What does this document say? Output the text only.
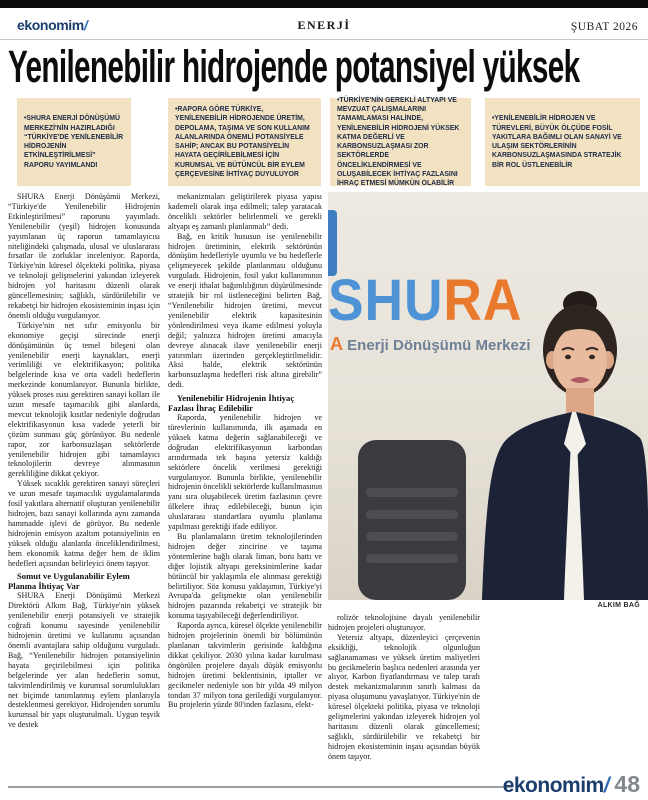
ekonomim/	ENERJİ	ŞUBAT 2026
Yenilenebilir hidrojende potansiyel yüksek
•SHURA ENERJİ DÖNÜŞÜMÜ MERKEZİ'NİN HAZIRLADIĞI “TÜRKİYE'DE YENİLENEBİLİR HİDROJENİN ETKİNLEŞTİRİLMESİ” RAPORU YAYIMLANDI
•RAPORA GÖRE TÜRKİYE, YENİLENEBİLİR HİDROJENDE ÜRETİM, DEPOLAMA, TAŞIMA VE SON KULLANIM ALANLARINDA ÖNEMLİ POTANSİYELE SAHİP; ANCAK BU POTANSİYELİN HAYATA GEÇİRİLEBİLMESİ İÇİN KURUMSAL VE BÜTÜNCÜL BİR EYLEM ÇERÇEVESİNE İHTİYAÇ DUYULUYOR
•TÜRKİYE'NİN GEREKLİ ALTYAPI VE MEVZUAT ÇALIŞMALARINI TAMAMLAMASI HALİNDE, YENİLENEBİLİR HİDROJENİ YÜKSEK KATMA DEĞERLİ VE KARBONSUZLAŞMASI ZOR SEKTÖRLERDE ÖNCELİKLENDİRMESİ VE OLUŞABİLECEK İHTİYAÇ FAZLASINI İHRAÇ ETMESİ MÜMKÜN OLABİLİR
•YENİLENEBİLİR HİDROJEN VE TÜREVLERİ, BÜYÜK ÖLÇÜDE FOSİL YAKITLARA BAĞIMLI OLAN SANAYİ VE ULAŞIM SEKTÖRLERİNİN KARBONSUZLAŞMASINDA STRATEJİK BİR ROL ÜSTLENEBİLİR

SHURA Enerji Dönüşümü Merkezi, “Türkiye'de Yenilenebilir Hidrojenin Etkinleştirilmesi” raporunu yayımladı. Yenilenebilir (yeşil) hidrojen konusunda yayımlanan üç raporun tamamlayıcısı niteliğindeki çalışmada, ulusal ve uluslararası fırsatlar ile zorluklar inceleniyor. Raporda, Türkiye'nin küresel ölçekteki politika, piyasa ve teknoloji gelişmelerini yakından izleyerek hidrojen yol haritasını düzenli olarak güncellemesinin; sağlıklı, sürdürülebilir ve rekabetçi bir hidrojen ekosisteminin inşası için önemli olduğu vurgulanıyor.

Türkiye'nin net sıfır emisyonlu bir ekonomiye geçişi sürecinde enerji dönüşümünün üç temel bileşeni olan yenilenebilir enerji kaynakları, enerji verimliliği ve elektrifikasyon; politika belgelerinde kısa ve orta vadeli hedeflerin merkezinde konumlanıyor. Bununla birlikte, yüksek proses ısısı gerektiren sanayi kolları ile uzun mesafe taşımacılık gibi alanlarda, mevcut teknolojik kısıtlar nedeniyle doğrudan elektrifikasyonun kısa vadede yeterli bir çözüm sunması güç görünüyor. Bu nedenle rapor, zor karbonsuzlaşan sektörlerde yenilenebilir hidrojen gibi tamamlayıcı teknolojilerin devreye alınmasının gerekliliğine dikkat çekiyor.

Yüksek sıcaklık gerektiren sanayi süreçleri ve uzun mesafe taşımacılık uygulamalarında fosil yakıtlara alternatif oluşturan yenilenebilir hidrojen, bazı sanayi kollarında aynı zamanda hammadde işlevi de görüyor. Bu nedenle hidrojenin emisyon azaltım potansiyelinin en yüksek olduğu alanlarda önceliklendirilmesi, hem ekonomik katma değer hem de iklim hedefleri açısından belirleyici önem taşıyor.

Somut ve Uygulanabilir Eylem Planına İhtiyaç Var

SHURA Enerji Dönüşümü Merkezi Direktörü Alkım Bağ, Türkiye'nin yüksek yenilenebilir enerji potansiyeli ve stratejik coğrafi konumu sayesinde yenilenebilir hidrojenin üretimi ve kullanımı açısından önemli avantajlara sahip olduğunu vurguladı. Bağ, “Yenilenebilir hidrojen potansiyelinin hayata geçirilebilmesi için politika belgelerinde yer alan hedeflerin somut, takvimlendirilmiş ve kurumsal sorumlulukları net biçimde tanımlanmış eylem planlarıyla desteklenmesi gerekiyor. Hidrojenden sorumlu kurumsal bir yapı oluşturulmalı. Uygun teşvik ve destek

mekanizmaları geliştirilerek piyasa yapısı kademeli olarak inşa edilmeli; talep yaratacak öncelikli sektörler belirlenmeli ve gerekli altyapı eş zamanlı planlanmalı” dedi.

Bağ, en kritik hususun ise yenilenebilir hidrojen üretiminin, elektrik sektörünün dönüşüm hedefleriyle uyumlu ve bu hedeflerle çelişmeyecek şekilde planlanması olduğunu vurguladı. Hidrojenin, fosil yakıt kullanımının ve enerji ithalat bağımlılığının düşürülmesinde stratejik bir rol üstleneceğini belirten Bağ, “Yenilenebilir hidrojen üretimi, mevcut yenilenebilir elektrik kapasitesinin yönlendirilmesi veya ikame edilmesi yoluyla değil; yalnızca hidrojen üretimi amacıyla devreye alınacak ilave yenilenebilir enerji yatırımları üzerinden gerçekleştirilmelidir. Aksi halde, elektrik sektörünün karbonsuzlaşma hedefleri risk altına girebilir” dedi.

Yenilenebilir Hidrojenin İhtiyaç Fazlası İhraç Edilebilir

Raporda, yenilenebilir hidrojen ve türevlerinin kullanımında, ilk aşamada en yüksek katma değerin sağlanabileceği ve doğrudan elektrifikasyonun karbondan arındırmada tek başına yetersiz kaldığı sektörlere öncelik verilmesi gerektiği vurgulanıyor. Bununla birlikte, yenilenebilir hidrojenin öncelikli sektörlerde kullanılmasının yanı sıra oluşabilecek üretim fazlasının çevre ülkelere ihraç edilebileceği, bunun için uluslararası standartlara uyumlu planlama yapılması gerektiği ifade ediliyor.

Bu planlamaların üretim teknolojilerinden hidrojen değer zincirine ve taşıma yöntemlerine bağlı olarak liman, boru hattı ve diğer lojistik altyapı gereksinimlerine kadar bütüncül bir yaklaşımla ele alınması gerektiği belirtiliyor. Söz konusu yaklaşımın, Türkiye'yi Avrupa'da gelişmekte olan yenilenebilir hidrojen pazarında rekabetçi ve stratejik bir konuma taşıyabileceği değerlendiriliyor.

Raporda ayrıca, küresel ölçekte yenilenebilir hidrojen projelerinin önemli bir bölümünün planlanan takvimlerin gerisinde kaldığına dikkat çekiliyor. 2030 yılına kadar kurulması öngörülen projelere dayalı düşük emisyonlu hidrojen üretimi beklentisinin, iptaller ve gecikmeler nedeniyle son bir yılda 49 milyon tondan 37 milyon tona gerilediği vurgulanıyor. Bu projelerin yüzde 80'inden fazlasını, elekt-

SHURA
A Enerji Dönüşümü Merkezi
ALKIM BAĞ

rolizör teknolojisine dayalı yenilenebilir hidrojen projeleri oluşturuyor.

Yetersiz altyapı, düzenleyici çerçevenin eksikliği, teknolojik olgunluğun sağlanamaması ve yüksek üretim maliyetleri bu gecikmelerin başlıca nedenleri arasında yer alıyor. Karbon fiyatlandırması ve talep tarafı destek mekanizmalarının sınırlı kalması da piyasa oluşumunu yavaşlatıyor. Türkiye'nin de küresel ölçekteki politika, piyasa ve teknoloji gelişmelerini yakından izleyerek hidrojen yol haritasını düzenli olarak güncellemesi; sağlıklı, sürdürülebilir ve rekabetçi bir hidrojen ekosisteminin inşası açısından büyük önem taşıyor.

ekonomim/ 48
